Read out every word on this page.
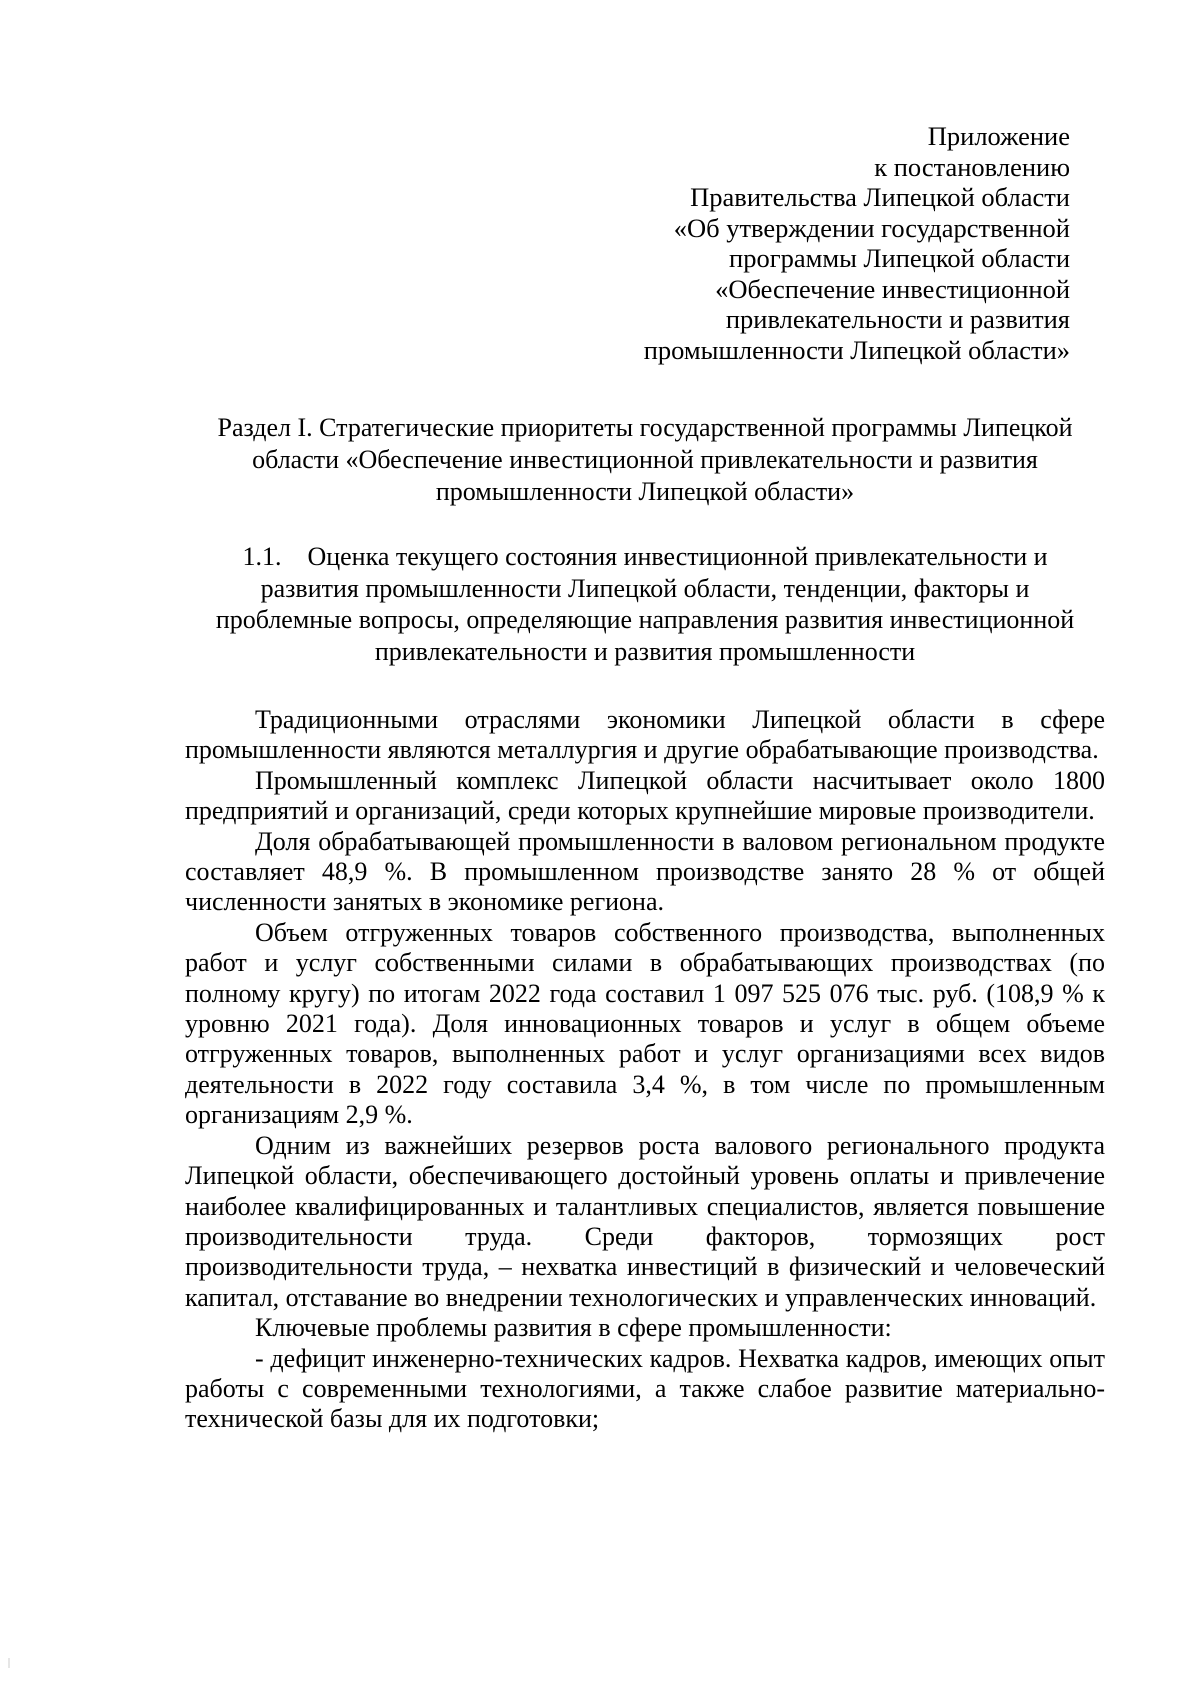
Приложение
к постановлению
Правительства Липецкой области
«Об утверждении государственной
программы Липецкой области
«Обеспечение инвестиционной
привлекательности и развития
промышленности Липецкой области»
Раздел I. Стратегические приоритеты государственной программы Липецкой
области «Обеспечение инвестиционной привлекательности и развития
промышленности Липецкой области»
1.1.    Оценка текущего состояния инвестиционной привлекательности и
развития промышленности Липецкой области, тенденции, факторы и
проблемные вопросы, определяющие направления развития инвестиционной
привлекательности и развития промышленности

Традиционными отраслями экономики Липецкой области в сфере промышленности являются металлургия и другие обрабатывающие производства.

Промышленный комплекс Липецкой области насчитывает около 1800 предприятий и организаций, среди которых крупнейшие мировые производители.

Доля обрабатывающей промышленности в валовом региональном продукте составляет 48,9 %. В промышленном производстве занято 28 % от общей численности занятых в экономике региона.

Объем отгруженных товаров собственного производства, выполненных работ и услуг собственными силами в обрабатывающих производствах (по полному кругу) по итогам 2022 года составил 1 097 525 076 тыс. руб. (108,9 % к уровню 2021 года). Доля инновационных товаров и услуг в общем объеме отгруженных товаров, выполненных работ и услуг организациями всех видов деятельности в 2022 году составила 3,4 %, в том числе по промышленным организациям 2,9 %.

Одним из важнейших резервов роста валового регионального продукта Липецкой области, обеспечивающего достойный уровень оплаты и привлечение наиболее квалифицированных и талантливых специалистов, является повышение производительности труда. Среди факторов, тормозящих рост производительности труда, – нехватка инвестиций в физический и человеческий капитал, отставание во внедрении технологических и управленческих инноваций.

Ключевые проблемы развития в сфере промышленности:

- дефицит инженерно-технических кадров. Нехватка кадров, имеющих опыт работы с современными технологиями, а также слабое развитие материально-технической базы для их подготовки;
